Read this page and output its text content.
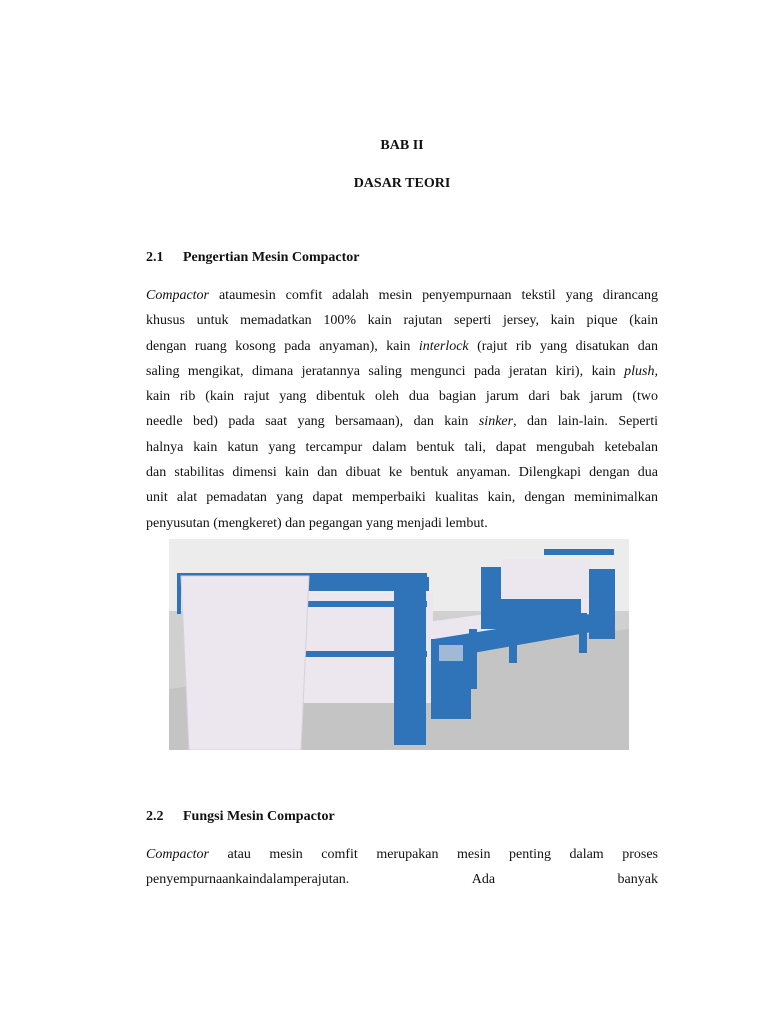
BAB II
DASAR TEORI
2.1 Pengertian Mesin Compactor
Compactor ataumesin comfit adalah mesin penyempurnaan tekstil yang dirancang
khusus untuk memadatkan 100% kain rajutan seperti jersey, kain pique (kain
dengan ruang kosong pada anyaman), kain interlock (rajut rib yang disatukan dan
saling mengikat, dimana jeratannya saling mengunci pada jeratan kiri), kain plush,
kain rib (kain rajut yang dibentuk oleh dua bagian jarum dari bak jarum (two
needle bed) pada saat yang bersamaan), dan kain sinker, dan lain-lain. Seperti
halnya kain katun yang tercampur dalam bentuk tali, dapat mengubah ketebalan
dan stabilitas dimensi kain dan dibuat ke bentuk anyaman. Dilengkapi dengan dua
unit alat pemadatan yang dapat memperbaiki kualitas kain, dengan meminimalkan
penyusutan (mengkeret) dan pegangan yang menjadi lembut.
2.2 Fungsi Mesin Compactor
Compactor atau mesin comfit merupakan mesin penting dalam proses
penyempurnaankaindalamperajutan.	Ada	banyak
